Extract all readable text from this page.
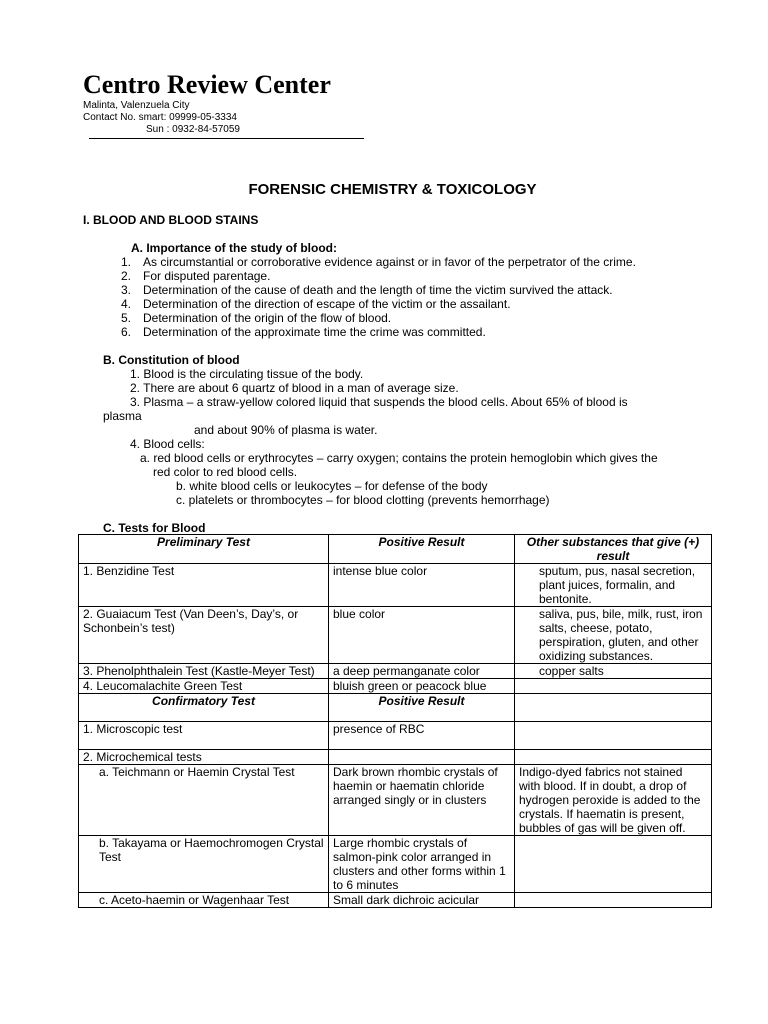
Centro Review Center
Malinta, Valenzuela City
Contact No. smart: 09999-05-3334
Sun : 0932-84-57059
FORENSIC CHEMISTRY & TOXICOLOGY
I. BLOOD AND BLOOD STAINS
A. Importance of the study of blood:
1. As circumstantial or corroborative evidence against or in favor of the perpetrator of the crime.
2. For disputed parentage.
3. Determination of the cause of death and the length of time the victim survived the attack.
4. Determination of the direction of escape of the victim or the assailant.
5. Determination of the origin of the flow of blood.
6. Determination of the approximate time the crime was committed.
B. Constitution of blood
1. Blood is the circulating tissue of the body.
2. There are about 6 quartz of blood in a man of average size.
3. Plasma – a straw-yellow colored liquid that suspends the blood cells. About 65% of blood is
plasma
and about 90% of plasma is water.
4. Blood cells:
a. red blood cells or erythrocytes – carry oxygen; contains the protein hemoglobin which gives the
red color to red blood cells.
b. white blood cells or leukocytes – for defense of the body
c. platelets or thrombocytes – for blood clotting (prevents hemorrhage)
C. Tests for Blood
Preliminary Test	Positive Result	Other substances that give (+) result
1. Benzidine Test	intense blue color	sputum, pus, nasal secretion, plant juices, formalin, and bentonite.
2. Guaiacum Test (Van Deen’s, Day’s, or Schonbein’s test)	blue color	saliva, pus, bile, milk, rust, iron salts, cheese, potato, perspiration, gluten, and other oxidizing substances.
3. Phenolphthalein Test (Kastle-Meyer Test)	a deep permanganate color	copper salts
4. Leucomalachite Green Test	bluish green or peacock blue	
Confirmatory Test	Positive Result	
1. Microscopic test	presence of RBC	
2. Microchemical tests		
a. Teichmann or Haemin Crystal Test	Dark brown rhombic crystals of haemin or haematin chloride arranged singly or in clusters	Indigo-dyed fabrics not stained with blood. If in doubt, a drop of hydrogen peroxide is added to the crystals. If haematin is present, bubbles of gas will be given off.
b. Takayama or Haemochromogen Crystal Test	Large rhombic crystals of salmon-pink color arranged in clusters and other forms within 1 to 6 minutes	
c. Aceto-haemin or Wagenhaar Test	Small dark dichroic acicular	
